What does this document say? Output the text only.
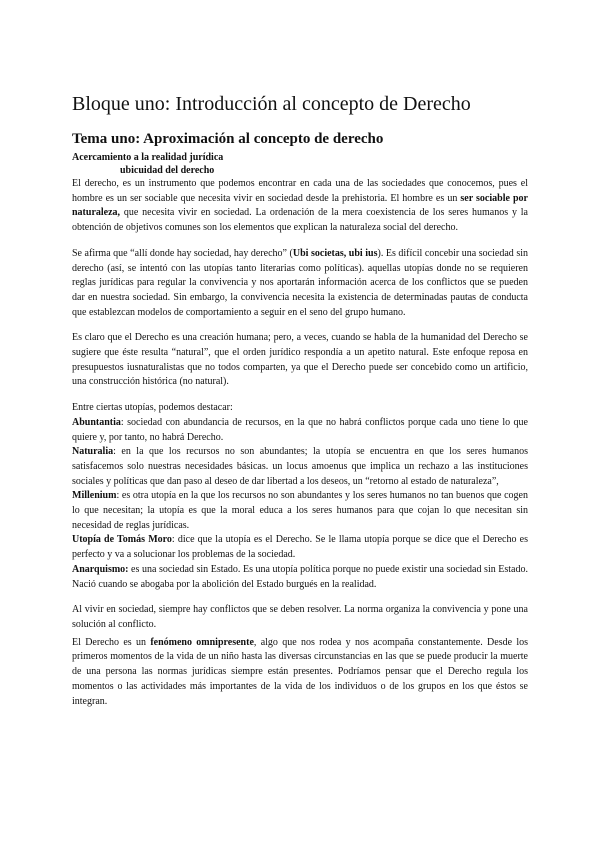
Bloque uno: Introducción al concepto de Derecho
Tema uno: Aproximación al concepto de derecho
Acercamiento a la realidad jurídica
ubicuidad del derecho

El derecho, es un instrumento que podemos encontrar en cada una de las sociedades que conocemos, pues el hombre es un ser sociable que necesita vivir en sociedad desde la prehistoria. El hombre es un ser sociable por naturaleza, que necesita vivir en sociedad. La ordenación de la mera coexistencia de los seres humanos y la obtención de objetivos comunes son los elementos que explican la naturaleza social del derecho.

Se afirma que “allí donde hay sociedad, hay derecho” (Ubi societas, ubi ius). Es difícil concebir una sociedad sin derecho (así, se intentó con las utopías tanto literarias como políticas). aquellas utopías donde no se requieren reglas jurídicas para regular la convivencia y nos aportarán información acerca de los conflictos que se pueden dar en nuestra sociedad. Sin embargo, la convivencia necesita la existencia de determinadas pautas de conducta que establezcan modelos de comportamiento a seguir en el seno del grupo humano.

Es claro que el Derecho es una creación humana; pero, a veces, cuando se habla de la humanidad del Derecho se sugiere que éste resulta “natural”, que el orden jurídico respondía a un apetito natural. Este enfoque reposa en presupuestos iusnaturalistas que no todos comparten, ya que el Derecho puede ser concebido como un artificio, una construcción histórica (no natural).

Entre ciertas utopías, podemos destacar:

Abuntantia: sociedad con abundancia de recursos, en la que no habrá conflictos porque cada uno tiene lo que quiere y, por tanto, no habrá Derecho.

Naturalia: en la que los recursos no son abundantes; la utopía se encuentra en que los seres humanos satisfacemos solo nuestras necesidades básicas. un locus amoenus que implica un rechazo a las instituciones sociales y políticas que dan paso al deseo de dar libertad a los deseos, un “retorno al estado de naturaleza”,

Millenium: es otra utopía en la que los recursos no son abundantes y los seres humanos no tan buenos que cogen lo que necesitan; la utopía es que la moral educa a los seres humanos para que cojan lo que necesitan sin necesidad de reglas jurídicas.

Utopía de Tomás Moro: dice que la utopía es el Derecho. Se le llama utopía porque se dice que el Derecho es perfecto y va a solucionar los problemas de la sociedad.

Anarquismo: es una sociedad sin Estado. Es una utopía política porque no puede existir una sociedad sin Estado. Nació cuando se abogaba por la abolición del Estado burgués en la realidad.

Al vivir en sociedad, siempre hay conflictos que se deben resolver. La norma organiza la convivencia y pone una solución al conflicto.

El Derecho es un fenómeno omnipresente, algo que nos rodea y nos acompaña constantemente. Desde los primeros momentos de la vida de un niño hasta las diversas circunstancias en las que se puede producir la muerte de una persona las normas jurídicas siempre están presentes. Podríamos pensar que el Derecho regula los momentos o las actividades más importantes de la vida de los individuos o de los grupos en los que éstos se integran.
